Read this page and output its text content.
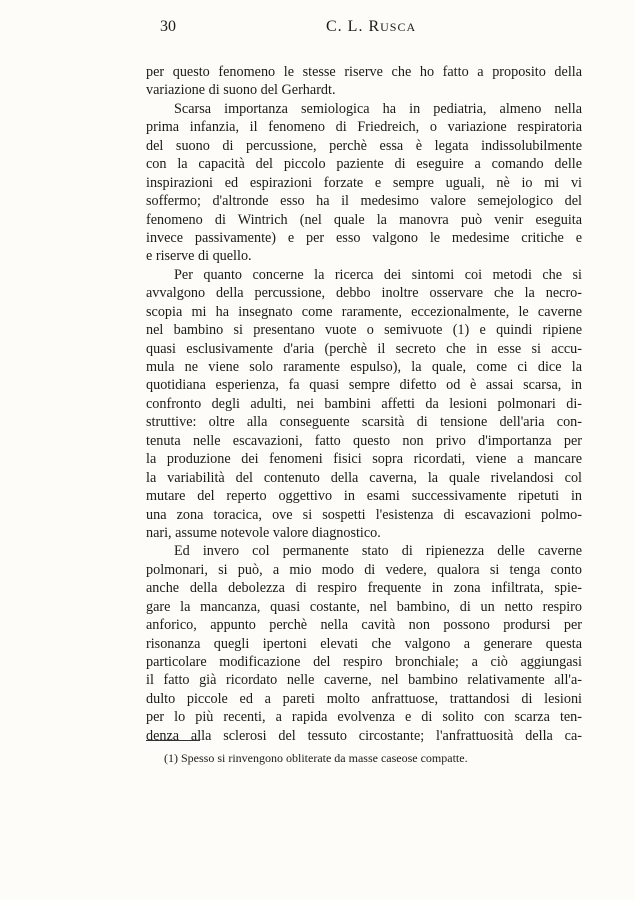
30	C. L. RUSCA
per questo fenomeno le stesse riserve che ho fatto a proposito della
variazione di suono del Gerhardt.
Scarsa importanza semiologica ha in pediatria, almeno nella
prima infanzia, il fenomeno di Friedreich, o variazione respiratoria
del suono di percussione, perchè essa è legata indissolubilmente
con la capacità del piccolo paziente di eseguire a comando delle
inspirazioni ed espirazioni forzate e sempre uguali, nè io mi vi
soffermo; d'altronde esso ha il medesimo valore semejologico del
fenomeno di Wintrich (nel quale la manovra può venir eseguita
invece passivamente) e per esso valgono le medesime critiche e
e riserve di quello.
Per quanto concerne la ricerca dei sintomi coi metodi che si
avvalgono della percussione, debbo inoltre osservare che la necro-
scopia mi ha insegnato come raramente, eccezionalmente, le caverne
nel bambino si presentano vuote o semivuote (1) e quindi ripiene
quasi esclusivamente d'aria (perchè il secreto che in esse si accu-
mula ne viene solo raramente espulso), la quale, come ci dice la
quotidiana esperienza, fa quasi sempre difetto od è assai scarsa, in
confronto degli adulti, nei bambini affetti da lesioni polmonari di-
struttive: oltre alla conseguente scarsità di tensione dell'aria con-
tenuta nelle escavazioni, fatto questo non privo d'importanza per
la produzione dei fenomeni fisici sopra ricordati, viene a mancare
la variabilità del contenuto della caverna, la quale rivelandosi col
mutare del reperto oggettivo in esami successivamente ripetuti in
una zona toracica, ove si sospetti l'esistenza di escavazioni polmo-
nari, assume notevole valore diagnostico.
Ed invero col permanente stato di ripienezza delle caverne
polmonari, si può, a mio modo di vedere, qualora si tenga conto
anche della debolezza di respiro frequente in zona infiltrata, spie-
gare la mancanza, quasi costante, nel bambino, di un netto respiro
anforico, appunto perchè nella cavità non possono prodursi per
risonanza quegli ipertoni elevati che valgono a generare questa
particolare modificazione del respiro bronchiale; a ciò aggiungasi
il fatto già ricordato nelle caverne, nel bambino relativamente all'a-
dulto piccole ed a pareti molto anfrattuose, trattandosi di lesioni
per lo più recenti, a rapida evolvenza e di solito con scarza ten-
denza alla sclerosi del tessuto circostante; l'anfrattuosità della ca-
(1) Spesso si rinvengono obliterate da masse caseose compatte.
